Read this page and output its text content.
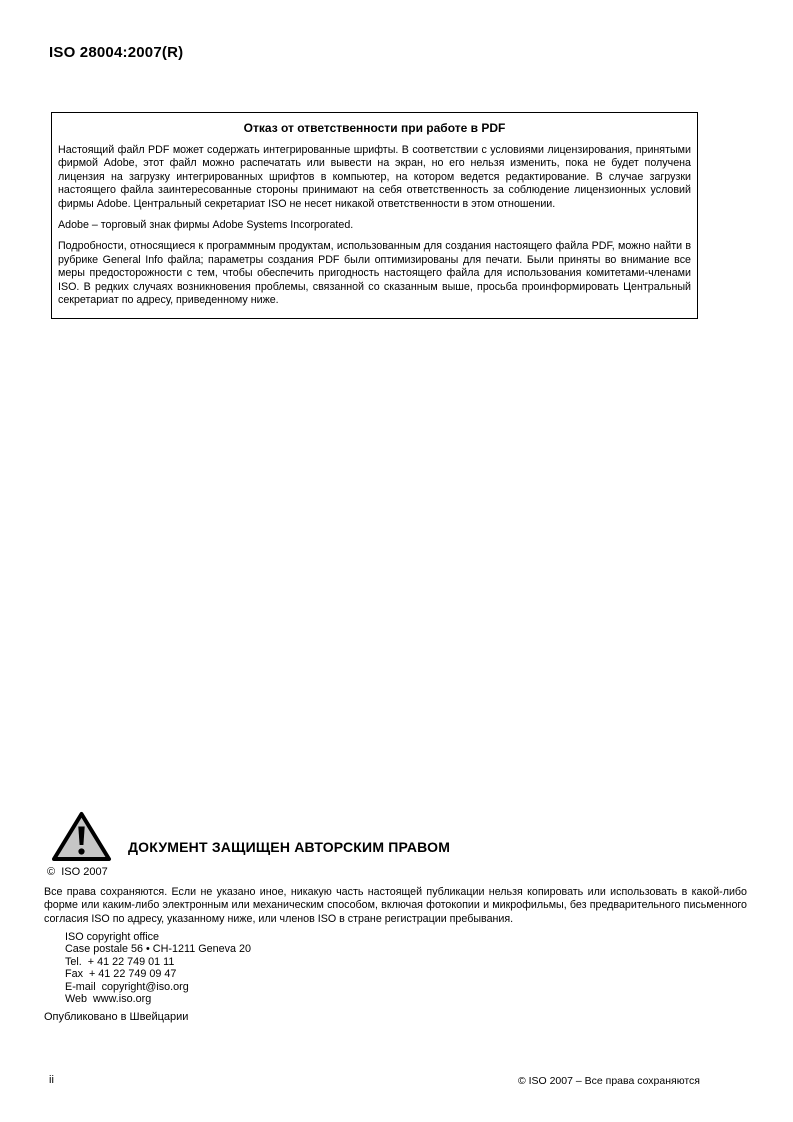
ISO 28004:2007(R)

Отказ от ответственности при работе в PDF

Настоящий файл PDF может содержать интегрированные шрифты. В соответствии с условиями лицензирования, принятыми фирмой Adobe, этот файл можно распечатать или вывести на экран, но его нельзя изменить, пока не будет получена лицензия на загрузку интегрированных шрифтов в компьютер, на котором ведется редактирование. В случае загрузки настоящего файла заинтересованные стороны принимают на себя ответственность за соблюдение лицензионных условий фирмы Adobe. Центральный секретариат ISO не несет никакой ответственности в этом отношении.

Adobe – торговый знак фирмы Adobe Systems Incorporated.

Подробности, относящиеся к программным продуктам, использованным для создания настоящего файла PDF, можно найти в рубрике General Info файла; параметры создания PDF были оптимизированы для печати. Были приняты во внимание все меры предосторожности с тем, чтобы обеспечить пригодность настоящего файла для использования комитетами-членами ISO. В редких случаях возникновения проблемы, связанной со сказанным выше, просьба проинформировать Центральный секретариат по адресу, приведенному ниже.

ДОКУМЕНТ ЗАЩИЩЕН АВТОРСКИМ ПРАВОМ
©  ISO 2007
Все права сохраняются. Если не указано иное, никакую часть настоящей публикации нельзя копировать или использовать в какой-либо форме или каким-либо электронным или механическим способом, включая фотокопии и микрофильмы, без предварительного письменного согласия ISO по адресу, указанному ниже, или членов ISO в стране регистрации пребывания.
ISO copyright office
Case postale 56 • CH-1211 Geneva 20
Tel.  + 41 22 749 01 11
Fax  + 41 22 749 09 47
E-mail  copyright@iso.org
Web  www.iso.org
Опубликовано в Швейцарии
ii	© ISO 2007 – Все права сохраняются
